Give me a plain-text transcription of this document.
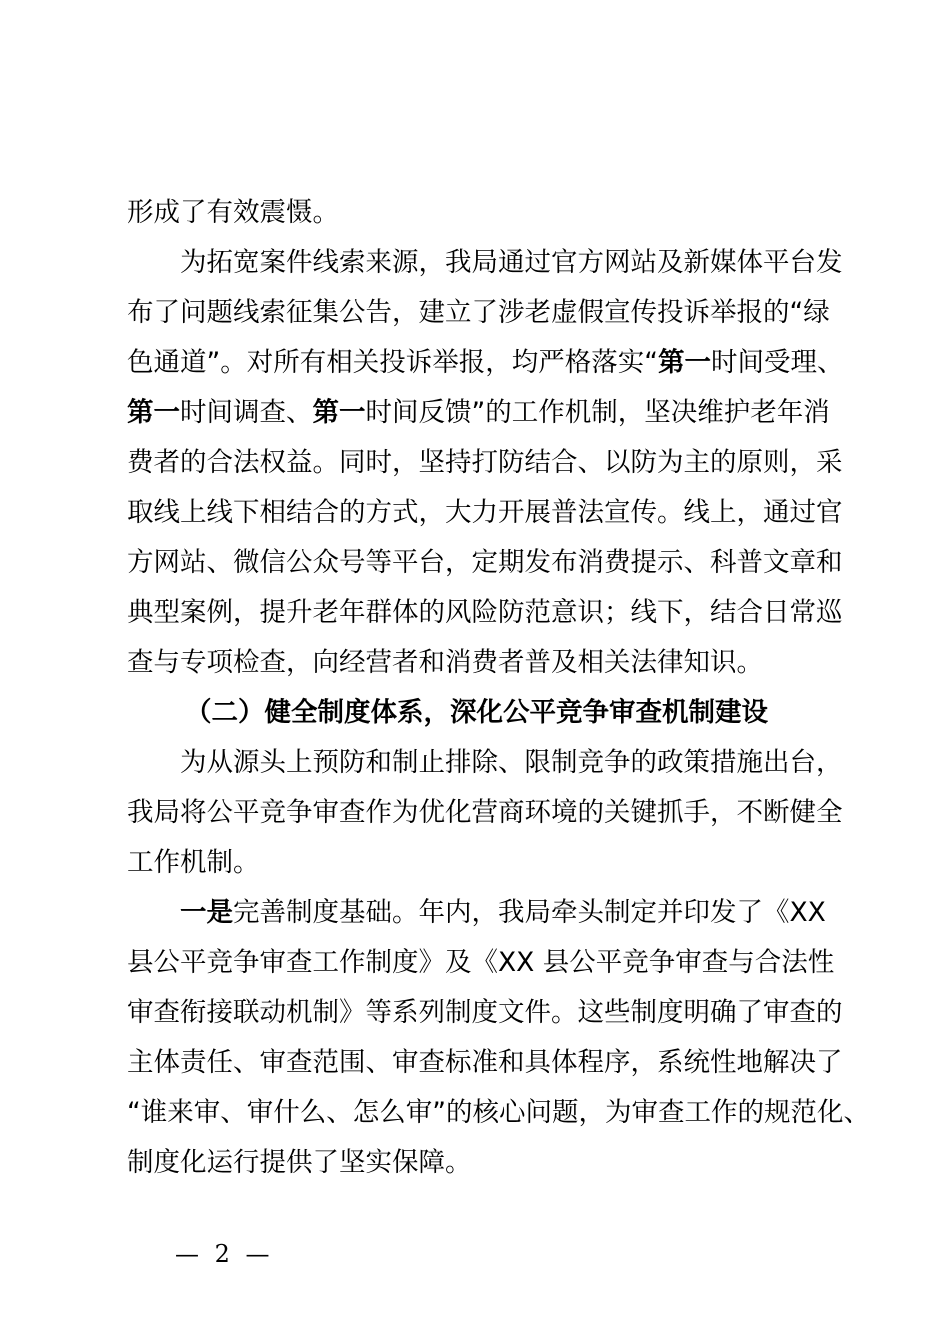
形成了有效震慑。
为拓宽案件线索来源，我局通过官方网站及新媒体平台发
布了问题线索征集公告，建立了涉老虚假宣传投诉举报的“绿
色通道”。对所有相关投诉举报，均严格落实“第一时间受理、
第一时间调查、第一时间反馈”的工作机制，坚决维护老年消
费者的合法权益。同时，坚持打防结合、以防为主的原则，采
取线上线下相结合的方式，大力开展普法宣传。线上，通过官
方网站、微信公众号等平台，定期发布消费提示、科普文章和
典型案例，提升老年群体的风险防范意识；线下，结合日常巡
查与专项检查，向经营者和消费者普及相关法律知识。
（二）健全制度体系，深化公平竞争审查机制建设
为从源头上预防和制止排除、限制竞争的政策措施出台，
我局将公平竞争审查作为优化营商环境的关键抓手，不断健全
工作机制。
一是完善制度基础。年内，我局牵头制定并印发了《XX
县公平竞争审查工作制度》及《XX 县公平竞争审查与合法性
审查衔接联动机制》等系列制度文件。这些制度明确了审查的
主体责任、审查范围、审查标准和具体程序，系统性地解决了
“谁来审、审什么、怎么审”的核心问题，为审查工作的规范化、
制度化运行提供了坚实保障。
— 2 —
